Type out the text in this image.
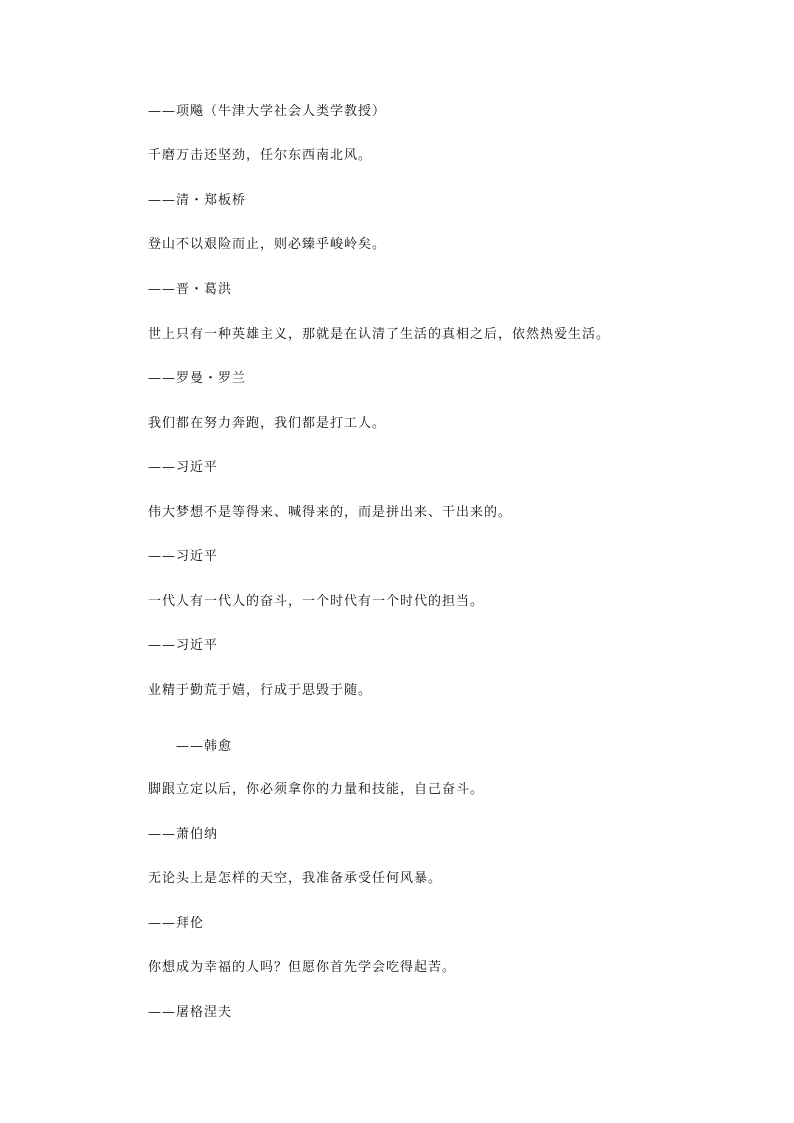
——项飚（牛津大学社会人类学教授）
千磨万击还坚劲，任尔东西南北风。
——清・郑板桥
登山不以艰险而止，则必臻乎峻岭矣。
——晋・葛洪
世上只有一种英雄主义，那就是在认清了生活的真相之后，依然热爱生活。
——罗曼・罗兰
我们都在努力奔跑，我们都是打工人。
——习近平
伟大梦想不是等得来、喊得来的，而是拼出来、干出来的。
——习近平
一代人有一代人的奋斗，一个时代有一个时代的担当。
——习近平
业精于勤荒于嬉，行成于思毁于随。
——韩愈
脚跟立定以后，你必须拿你的力量和技能，自己奋斗。
——萧伯纳
无论头上是怎样的天空，我准备承受任何风暴。
——拜伦
你想成为幸福的人吗？但愿你首先学会吃得起苦。
——屠格涅夫
